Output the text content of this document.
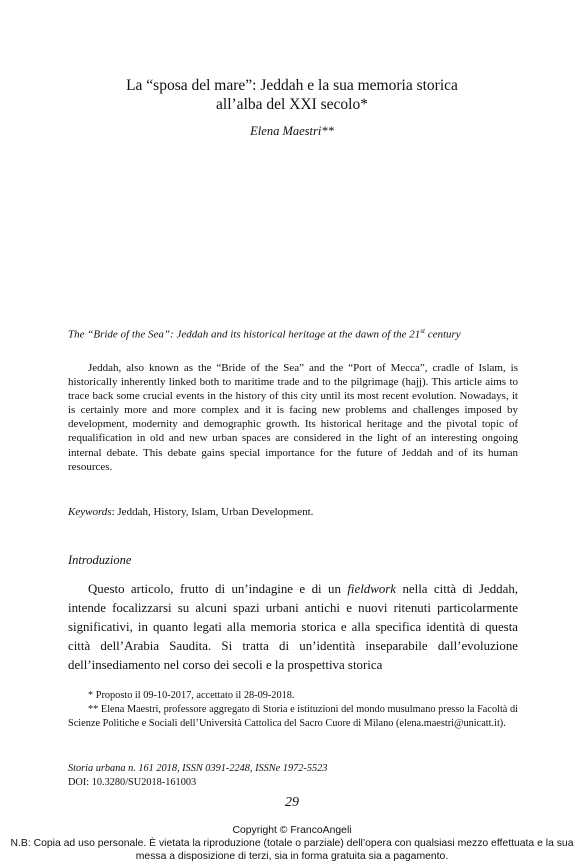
La “sposa del mare”: Jeddah e la sua memoria storica
all’alba del XXI secolo*
Elena Maestri**
The “Bride of the Sea”: Jeddah and its historical heritage at the dawn of the 21st century

Jeddah, also known as the “Bride of the Sea” and the “Port of Mecca”, cradle of Islam, is historically inherently linked both to maritime trade and to the pilgrimage (hajj). This article aims to trace back some crucial events in the history of this city until its most recent evolution. Nowadays, it is certainly more and more complex and it is facing new problems and challenges imposed by development, modernity and demographic growth. Its historical heritage and the pivotal topic of requalification in old and new urban spaces are considered in the light of an interesting ongoing internal debate. This debate gains special importance for the future of Jeddah and of its human resources.

Keywords: Jeddah, History, Islam, Urban Development.
Introduzione

Questo articolo, frutto di un’indagine e di un fieldwork nella città di Jeddah, intende focalizzarsi su alcuni spazi urbani antichi e nuovi ritenuti particolarmente significativi, in quanto legati alla memoria storica e alla specifica identità di questa città dell’Arabia Saudita. Si tratta di un’identità inseparabile dall’evoluzione dell’insediamento nel corso dei secoli e la prospettiva storica

* Proposto il 09-10-2017, accettato il 28-09-2018.

** Elena Maestri, professore aggregato di Storia e istituzioni del mondo musulmano presso la Facoltà di Scienze Politiche e Sociali dell’Università Cattolica del Sacro Cuore di Milano (elena.maestri@unicatt.it).

Storia urbana n. 161 2018, ISSN 0391-2248, ISSNe 1972-5523
DOI: 10.3280/SU2018-161003
29
Copyright © FrancoAngeli
N.B: Copia ad uso personale. È vietata la riproduzione (totale o parziale) dell’opera con qualsiasi mezzo effettuata e la sua messa a disposizione di terzi, sia in forma gratuita sia a pagamento.
